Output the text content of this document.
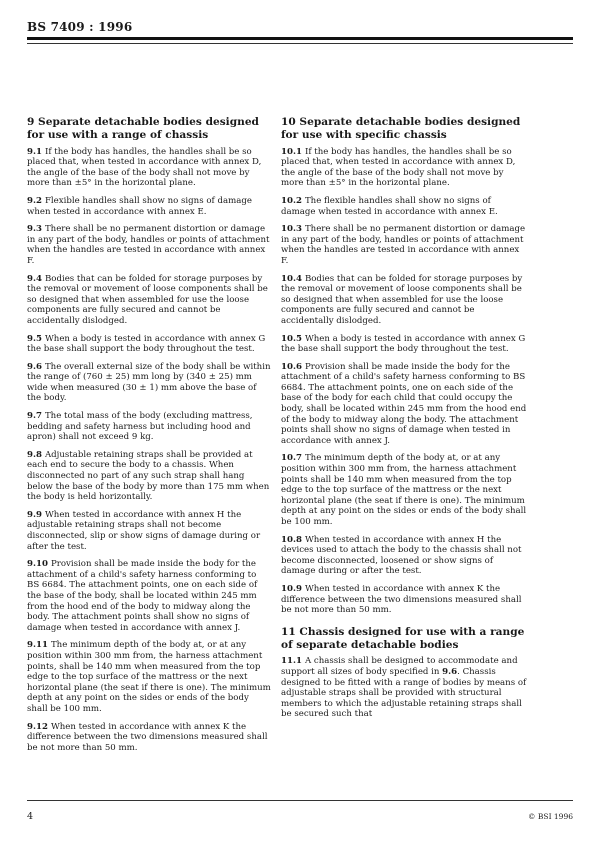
BS 7409 : 1996
9 Separate detachable bodies designed for use with a range of chassis
9.1 If the body has handles, the handles shall be so placed that, when tested in accordance with annex D, the angle of the base of the body shall not move by more than ±5° in the horizontal plane.
9.2 Flexible handles shall show no signs of damage when tested in accordance with annex E.
9.3 There shall be no permanent distortion or damage in any part of the body, handles or points of attachment when the handles are tested in accordance with annex F.
9.4 Bodies that can be folded for storage purposes by the removal or movement of loose components shall be so designed that when assembled for use the loose components are fully secured and cannot be accidentally dislodged.
9.5 When a body is tested in accordance with annex G the base shall support the body throughout the test.
9.6 The overall external size of the body shall be within the range of (760 ± 25) mm long by (340 ± 25) mm wide when measured (30 ± 1) mm above the base of the body.
9.7 The total mass of the body (excluding mattress, bedding and safety harness but including hood and apron) shall not exceed 9 kg.
9.8 Adjustable retaining straps shall be provided at each end to secure the body to a chassis. When disconnected no part of any such strap shall hang below the base of the body by more than 175 mm when the body is held horizontally.
9.9 When tested in accordance with annex H the adjustable retaining straps shall not become disconnected, slip or show signs of damage during or after the test.
9.10 Provision shall be made inside the body for the attachment of a child's safety harness conforming to BS 6684. The attachment points, one on each side of the base of the body, shall be located within 245 mm from the hood end of the body to midway along the body. The attachment points shall show no signs of damage when tested in accordance with annex J.
9.11 The minimum depth of the body at, or at any position within 300 mm from, the harness attachment points, shall be 140 mm when measured from the top edge to the top surface of the mattress or the next horizontal plane (the seat if there is one). The minimum depth at any point on the sides or ends of the body shall be 100 mm.
9.12 When tested in accordance with annex K the difference between the two dimensions measured shall be not more than 50 mm.
10 Separate detachable bodies designed for use with specific chassis
10.1 If the body has handles, the handles shall be so placed that, when tested in accordance with annex D, the angle of the base of the body shall not move by more than ±5° in the horizontal plane.
10.2 The flexible handles shall show no signs of damage when tested in accordance with annex E.
10.3 There shall be no permanent distortion or damage in any part of the body, handles or points of attachment when the handles are tested in accordance with annex F.
10.4 Bodies that can be folded for storage purposes by the removal or movement of loose components shall be so designed that when assembled for use the loose components are fully secured and cannot be accidentally dislodged.
10.5 When a body is tested in accordance with annex G the base shall support the body throughout the test.
10.6 Provision shall be made inside the body for the attachment of a child's safety harness conforming to BS 6684. The attachment points, one on each side of the base of the body for each child that could occupy the body, shall be located within 245 mm from the hood end of the body to midway along the body. The attachment points shall show no signs of damage when tested in accordance with annex J.
10.7 The minimum depth of the body at, or at any position within 300 mm from, the harness attachment points shall be 140 mm when measured from the top edge to the top surface of the mattress or the next horizontal plane (the seat if there is one). The minimum depth at any point on the sides or ends of the body shall be 100 mm.
10.8 When tested in accordance with annex H the devices used to attach the body to the chassis shall not become disconnected, loosened or show signs of damage during or after the test.
10.9 When tested in accordance with annex K the difference between the two dimensions measured shall be not more than 50 mm.
11 Chassis designed for use with a range of separate detachable bodies
11.1 A chassis shall be designed to accommodate and support all sizes of body specified in 9.6. Chassis designed to be fitted with a range of bodies by means of adjustable straps shall be provided with structural members to which the adjustable retaining straps shall be secured such that
4	© BSI 1996
